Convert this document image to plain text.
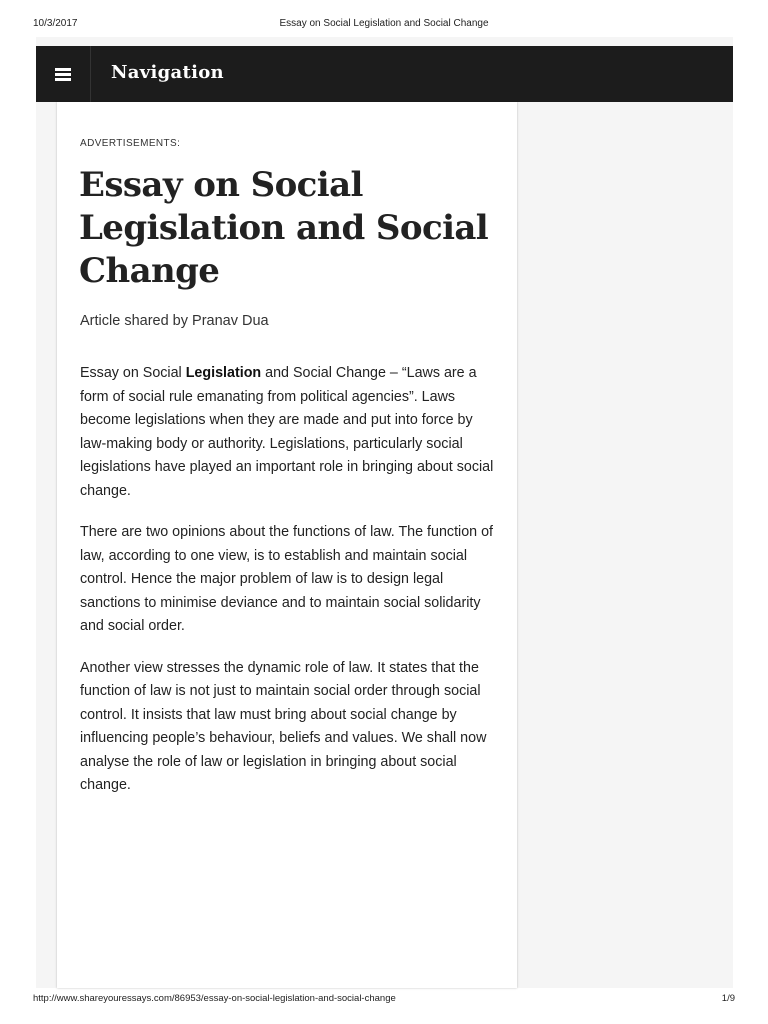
10/3/2017	Essay on Social Legislation and Social Change
Navigation
ADVERTISEMENTS:
Essay on Social Legislation and Social Change
Article shared by Pranav Dua

Essay on Social Legislation and Social Change – “Laws are a form of social rule emanating from political agencies”. Laws become legislations when they are made and put into force by law-making body or authority. Legislations, particularly social legislations have played an important role in bringing about social change.

There are two opinions about the functions of law. The function of law, according to one view, is to establish and maintain social control. Hence the major problem of law is to design legal sanctions to minimise deviance and to maintain social solidarity and social order.

Another view stresses the dynamic role of law. It states that the function of law is not just to maintain social order through social control. It insists that law must bring about social change by influencing people’s behaviour, beliefs and values. We shall now analyse the role of law or legislation in bringing about social change.

http://www.shareyouressays.com/86953/essay-on-social-legislation-and-social-change	1/9
